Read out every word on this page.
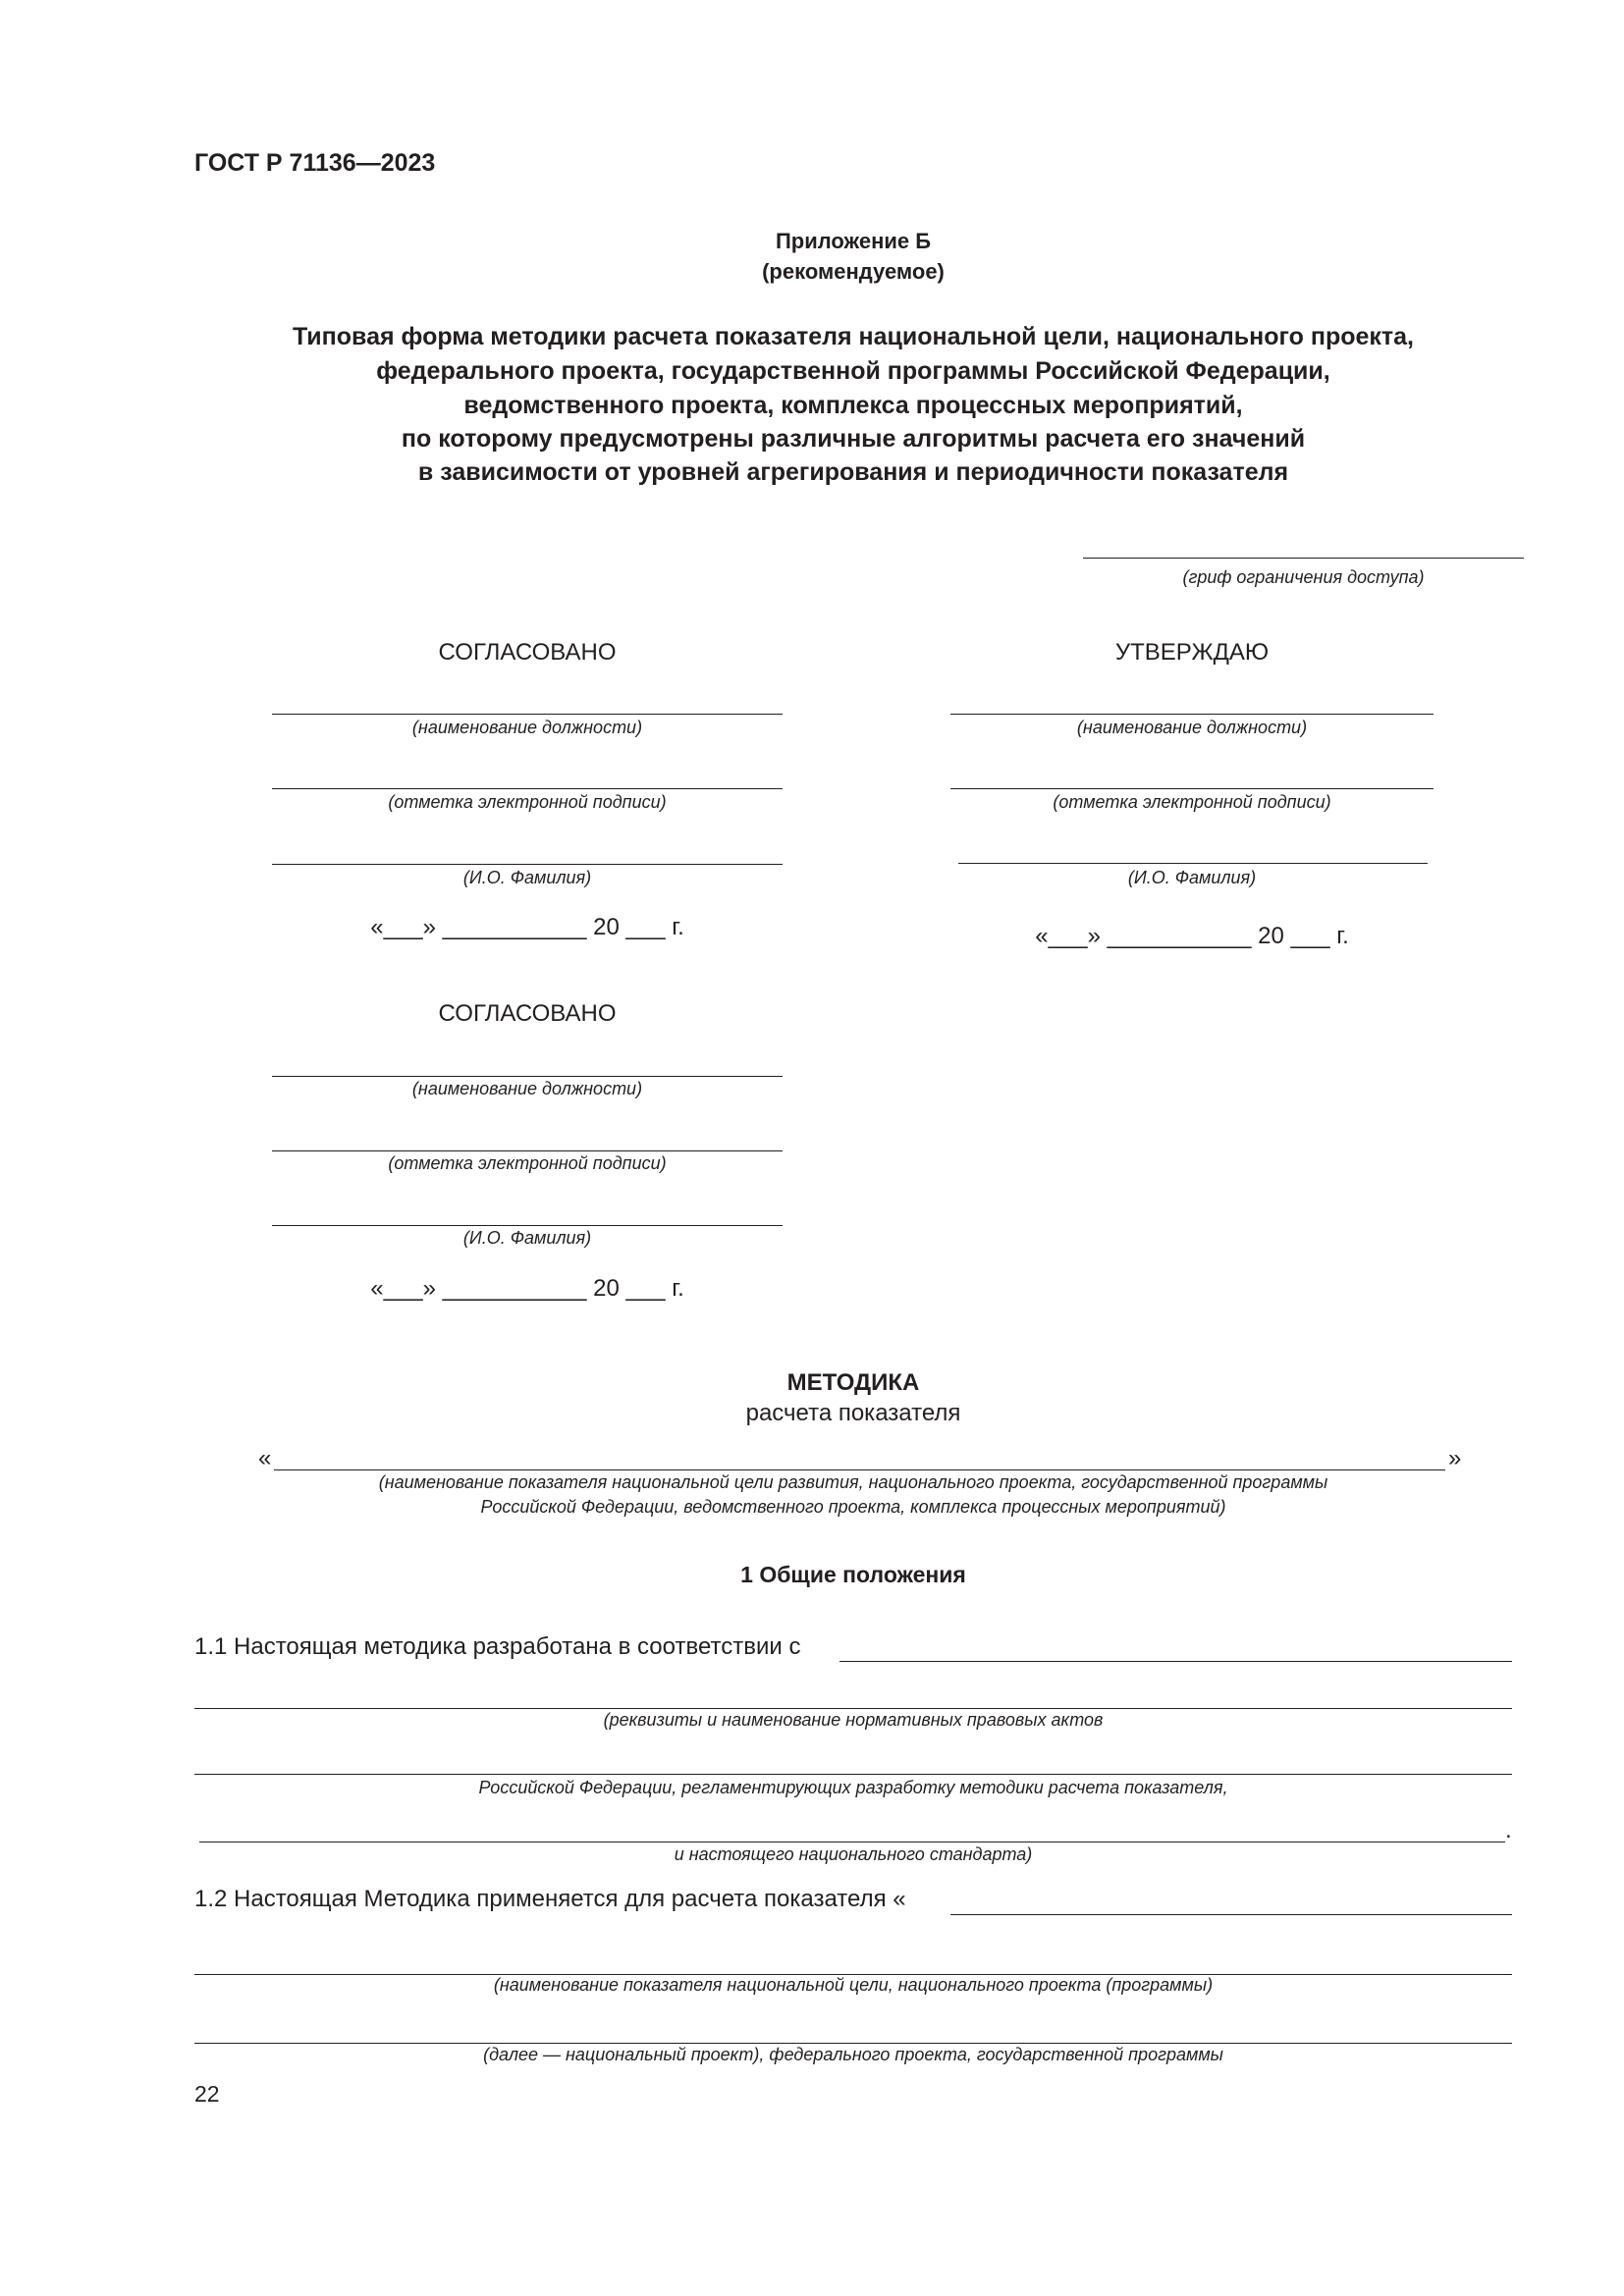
ГОСТ Р 71136—2023
Приложение Б
(рекомендуемое)
Типовая форма методики расчета показателя национальной цели, национального проекта,
федерального проекта, государственной программы Российской Федерации,
ведомственного проекта, комплекса процессных мероприятий,
по которому предусмотрены различные алгоритмы расчета его значений
в зависимости от уровней агрегирования и периодичности показателя
(гриф ограничения доступа)
СОГЛАСОВАНО
(наименование должности)
(отметка электронной подписи)
(И.О. Фамилия)
«___» ___________ 20 ___ г.
УТВЕРЖДАЮ
(наименование должности)
(отметка электронной подписи)
(И.О. Фамилия)
«___» ___________ 20 ___ г.
СОГЛАСОВАНО
(наименование должности)
(отметка электронной подписи)
(И.О. Фамилия)
«___» ___________ 20 ___ г.
МЕТОДИКА
расчета показателя
«	»
(наименование показателя национальной цели развития, национального проекта, государственной программы
Российской Федерации, ведомственного проекта, комплекса процессных мероприятий)
1 Общие положения
1.1 Настоящая методика разработана в соответствии с
(реквизиты и наименование нормативных правовых актов
Российской Федерации, регламентирующих разработку методики расчета показателя,
.
и настоящего национального стандарта)
1.2 Настоящая Методика применяется для расчета показателя «
(наименование показателя национальной цели, национального проекта (программы)
(далее — национальный проект), федерального проекта, государственной программы
22
